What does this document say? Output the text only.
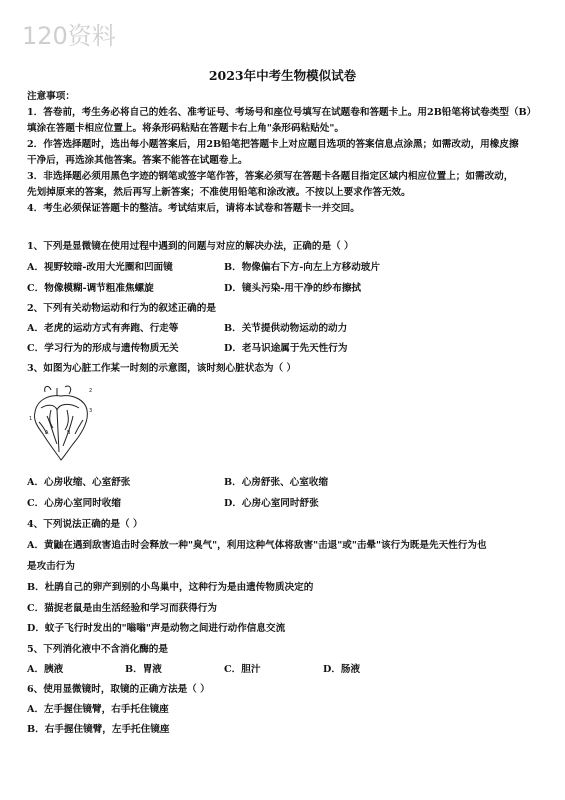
120资料
2023年中考生物模似试卷
注意事项：
1．答卷前，考生务必将自己的姓名、准考证号、考场号和座位号填写在试题卷和答题卡上。用2B铅笔将试卷类型（B）
填涂在答题卡相应位置上。将条形码粘贴在答题卡右上角"条形码粘贴处"。
2．作答选择题时，选出每小题答案后，用2B铅笔把答题卡上对应题目选项的答案信息点涂黑；如需改动，用橡皮擦
干净后，再选涂其他答案。答案不能答在试题卷上。
3．非选择题必须用黑色字迹的钢笔或签字笔作答，答案必须写在答题卡各题目指定区域内相应位置上；如需改动，
先划掉原来的答案，然后再写上新答案；不准使用铅笔和涂改液。不按以上要求作答无效。
4．考生必须保证答题卡的整洁。考试结束后，请将本试卷和答题卡一并交回。
1、下列是显微镜在使用过程中遇到的问题与对应的解决办法，正确的是（ ）
A．视野较暗-改用大光圈和凹面镜	B．物像偏右下方-向左上方移动玻片
C．物像模糊-调节粗准焦螺旋	D．镜头污染-用干净的纱布擦拭
2、下列有关动物运动和行为的叙述正确的是
A．老虎的运动方式有奔跑、行走等	B．关节提供动物运动的动力
C．学习行为的形成与遗传物质无关	D．老马识途属于先天性行为
3、如图为心脏工作某一时刻的示意图，该时刻心脏状态为（ ）
1
2
3
A	B
A．心房收缩、心室舒张	B．心房舒张、心室收缩
C．心房心室同时收缩	D．心房心室同时舒张
4、下列说法正确的是（ ）
A．黄鼬在遇到敌害追击时会释放一种"臭气"，利用这种气体将敌害"击退"或"击晕"该行为既是先天性行为也
是攻击行为
B．杜鹃自己的卵产到别的小鸟巢中，这种行为是由遗传物质决定的
C．猫捉老鼠是由生活经验和学习而获得行为
D．蚊子飞行时发出的"嗡嗡"声是动物之间进行动作信息交流
5、下列消化液中不含消化酶的是
A．胰液	B．胃液	C．胆汁	D．肠液
6、使用显微镜时，取镜的正确方法是（ ）
A．左手握住镜臂，右手托住镜座
B．右手握住镜臂，左手托住镜座
